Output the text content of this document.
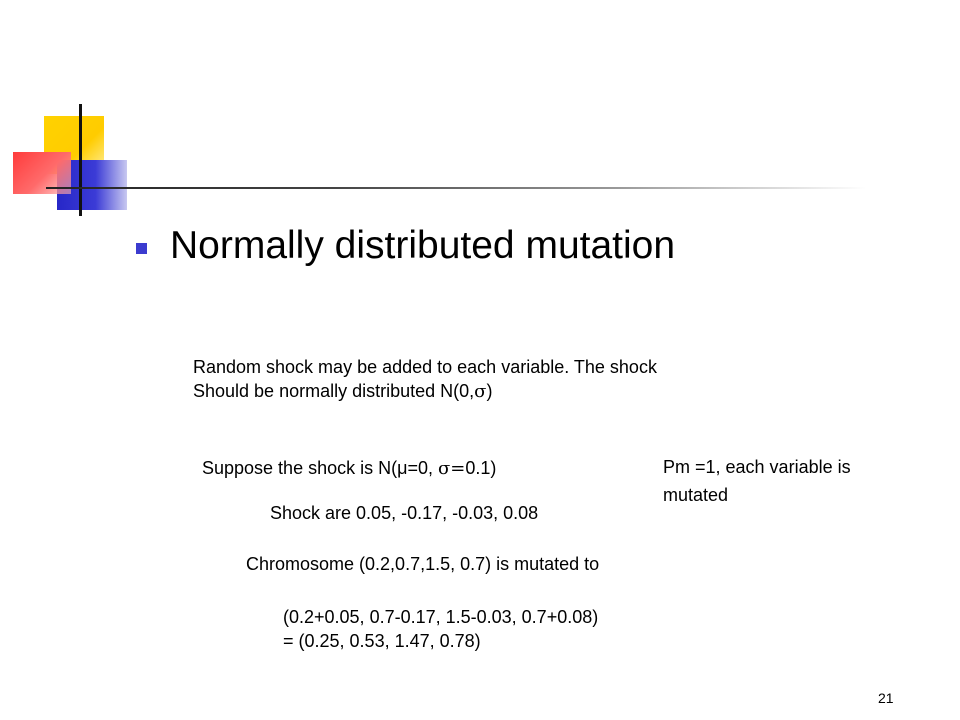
Normally distributed mutation
Random shock may be added to each variable. The shock
Should be normally distributed N(0,σ)
Suppose the shock is N(μ=0, σ=0.1)	Pm =1, each variable is
mutated
Shock are 0.05, -0.17, -0.03, 0.08
Chromosome (0.2,0.7,1.5, 0.7) is mutated to
(0.2+0.05, 0.7-0.17, 1.5-0.03, 0.7+0.08)
= (0.25, 0.53, 1.47, 0.78)
21
